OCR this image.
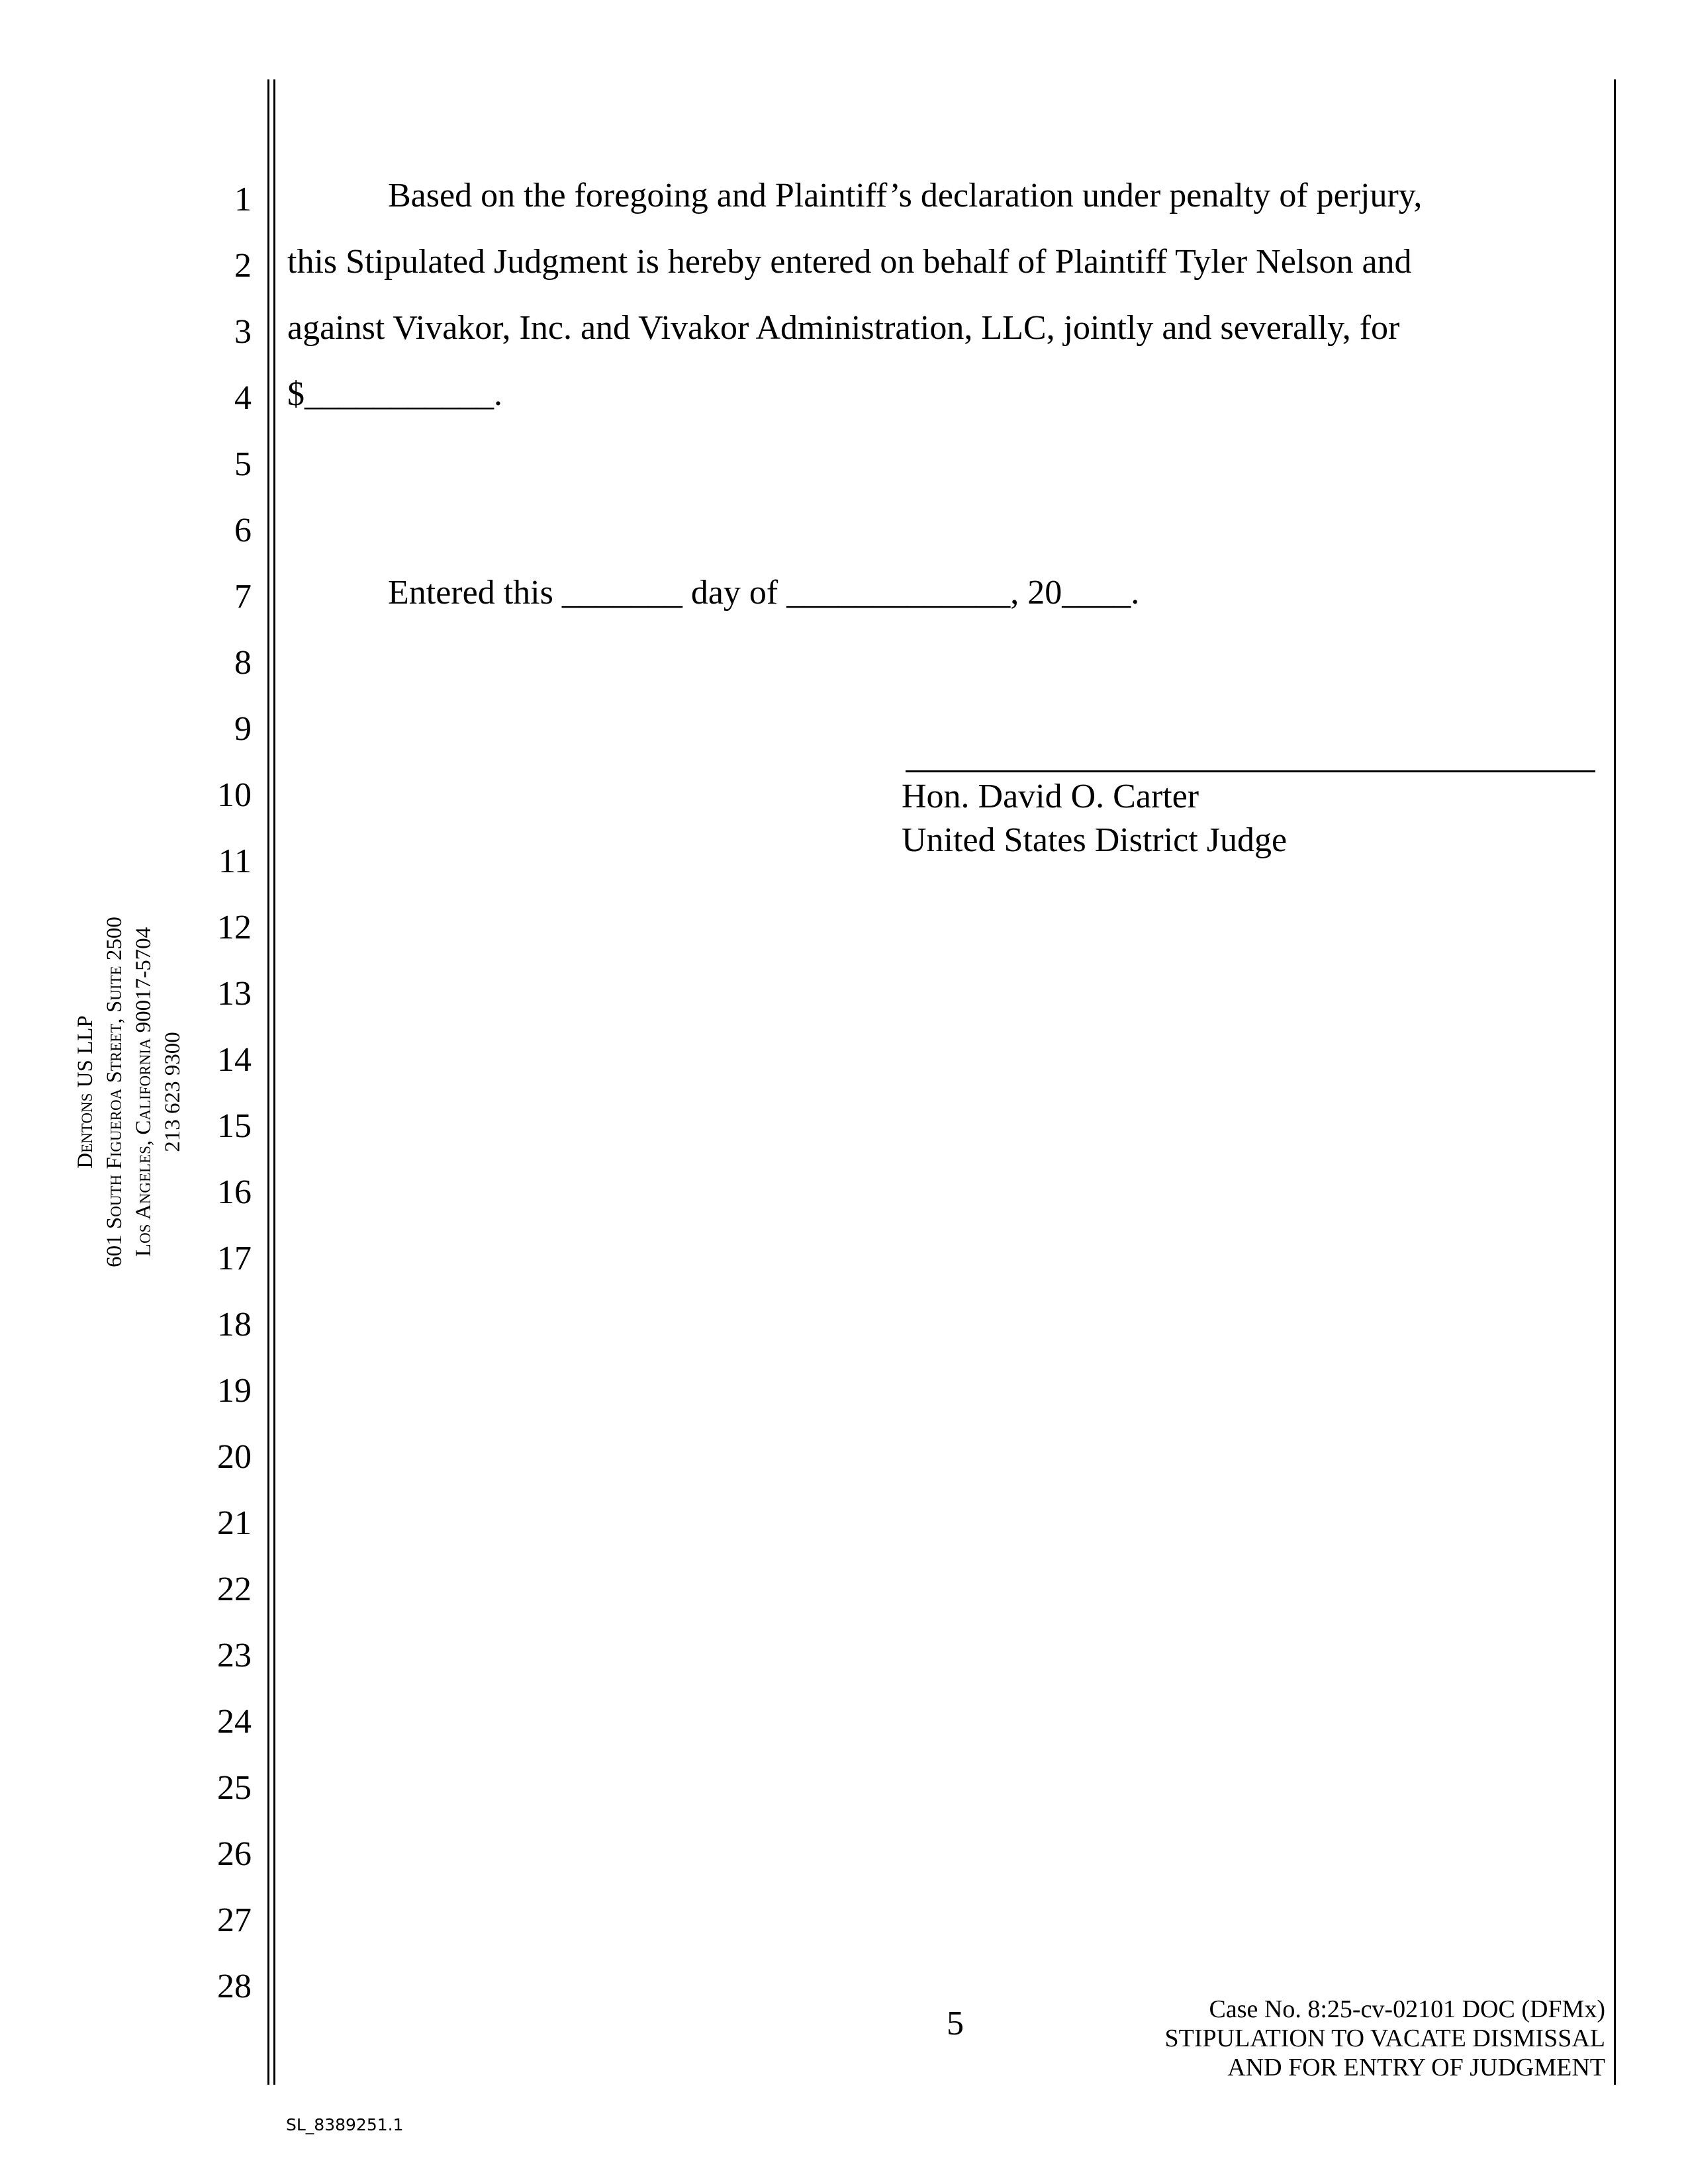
Dentons US LLP 601 South Figueroa Street, Suite 2500 Los Angeles, California 90017-5704 213 623 9300
1
2
3
4
5
6
7
8
9
10
11
12
13
14
15
16
17
18
19
20
21
22
23
24
25
26
27
28
Based on the foregoing and Plaintiff’s declaration under penalty of perjury,
this Stipulated Judgment is hereby entered on behalf of Plaintiff Tyler Nelson and
against Vivakor, Inc. and Vivakor Administration, LLC, jointly and severally, for
$___________.
Entered this _______ day of _____________, 20____.
Hon. David O. Carter
United States District Judge
5	Case No. 8:25-cv-02101 DOC (DFMx)
STIPULATION TO VACATE DISMISSAL
AND FOR ENTRY OF JUDGMENT
SL_8389251.1
